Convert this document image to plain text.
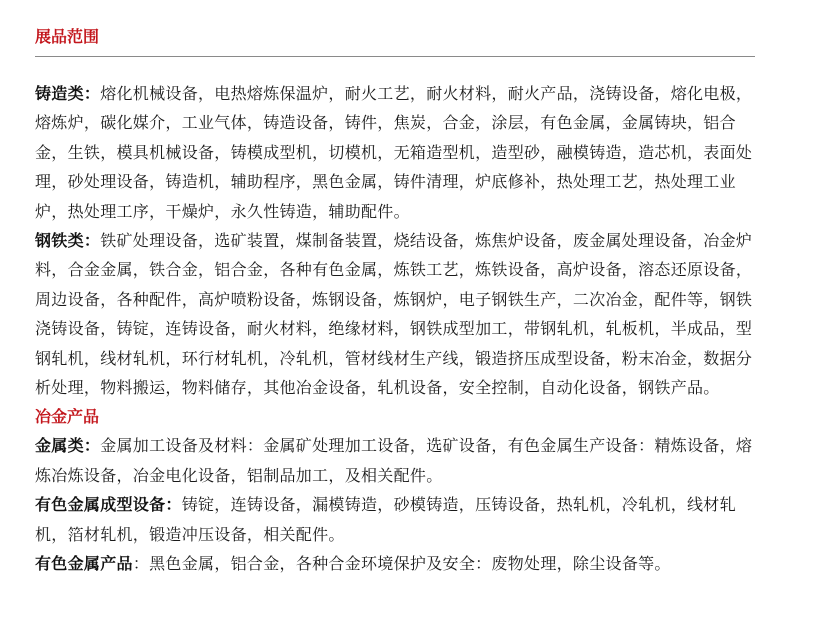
展品范围

铸造类：熔化机械设备，电热熔炼保温炉，耐火工艺，耐火材料，耐火产品，浇铸设备，熔化电极，熔炼炉，碳化媒介，工业气体，铸造设备，铸件，焦炭，合金，涂层，有色金属，金属铸块，铝合金，生铁，模具机械设备，铸模成型机，切模机，无箱造型机，造型砂，融模铸造，造芯机，表面处理，砂处理设备，铸造机，辅助程序，黑色金属，铸件清理，炉底修补，热处理工艺，热处理工业炉，热处理工序，干燥炉，永久性铸造，辅助配件。

钢铁类：铁矿处理设备，选矿装置，煤制备装置，烧结设备，炼焦炉设备，废金属处理设备，冶金炉料，合金金属，铁合金，铝合金，各种有色金属，炼铁工艺，炼铁设备，高炉设备，溶态还原设备，周边设备，各种配件，高炉喷粉设备，炼钢设备，炼钢炉，电子钢铁生产，二次冶金，配件等，钢铁浇铸设备，铸锭，连铸设备，耐火材料，绝缘材料，钢铁成型加工，带钢轧机，轧板机，半成品，型钢轧机，线材轧机，环行材轧机，冷轧机，管材线材生产线，锻造挤压成型设备，粉末冶金，数据分析处理，物料搬运，物料储存，其他冶金设备，轧机设备，安全控制，自动化设备，钢铁产品。

冶金产品

金属类：金属加工设备及材料：金属矿处理加工设备，选矿设备，有色金属生产设备：精炼设备，熔炼冶炼设备，冶金电化设备，铝制品加工，及相关配件。

有色金属成型设备：铸锭，连铸设备，漏模铸造，砂模铸造，压铸设备，热轧机，冷轧机，线材轧机，箔材轧机，锻造冲压设备，相关配件。

有色金属产品：黑色金属，铝合金，各种合金环境保护及安全：废物处理，除尘设备等。
